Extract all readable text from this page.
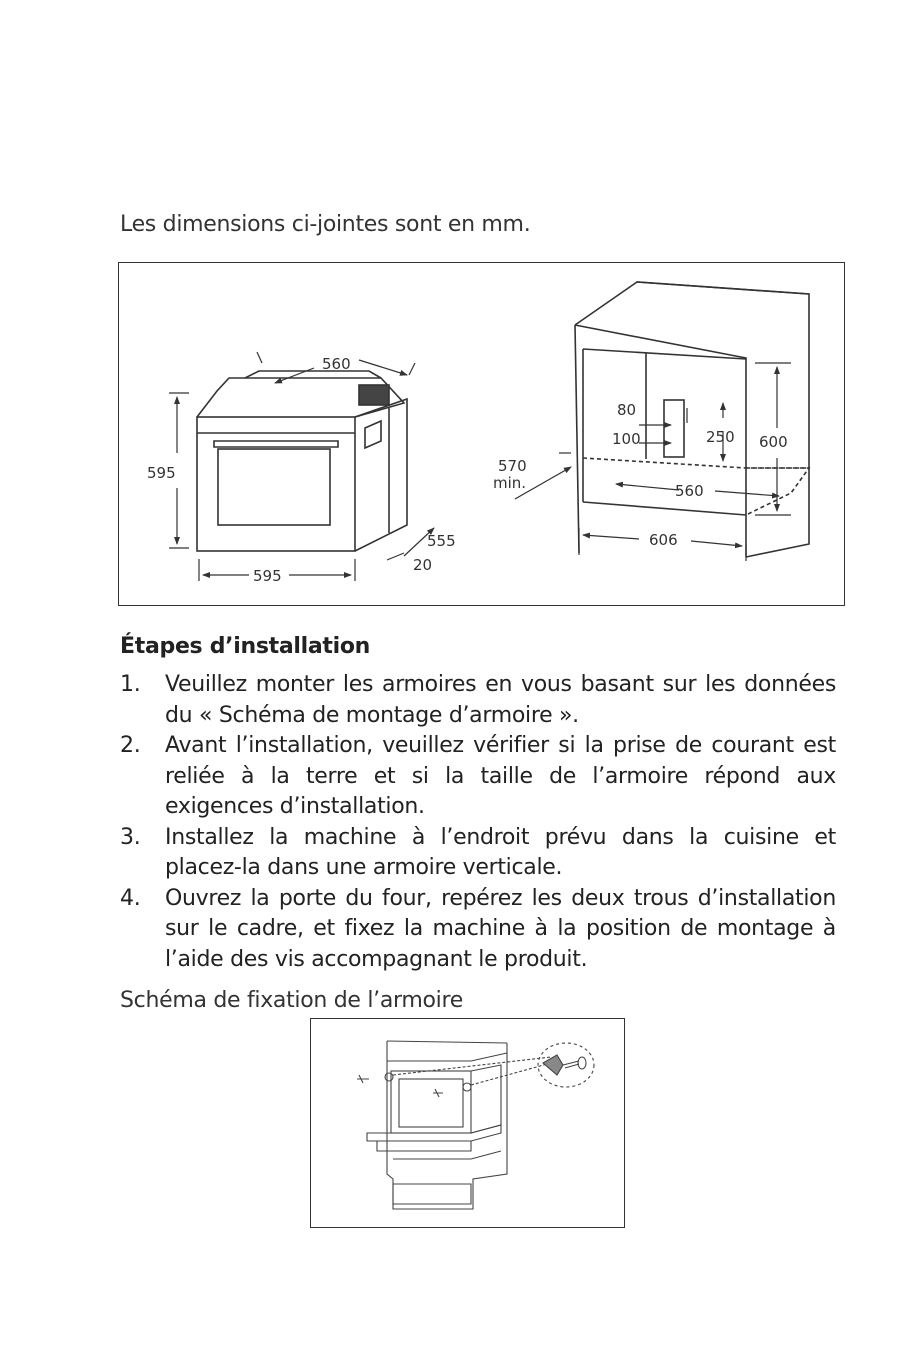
Les dimensions ci-jointes sont en mm.
560
595
595
555
20
80
100	250 600
570
min.	560
606
Étapes d’installation
1.	Veuillez monter les armoires en vous basant sur les données du « Schéma de montage d’armoire ».
2.	Avant l’installation, veuillez vérifier si la prise de courant est reliée à la terre et si la taille de l’armoire répond aux exigences d’installation.
3.	Installez la machine à l’endroit prévu dans la cuisine et placez-la dans une armoire verticale.
4.	Ouvrez la porte du four, repérez les deux trous d’installation sur le cadre, et fixez la machine à la position de montage à l’aide des vis accompagnant le produit.
Schéma de fixation de l’armoire
